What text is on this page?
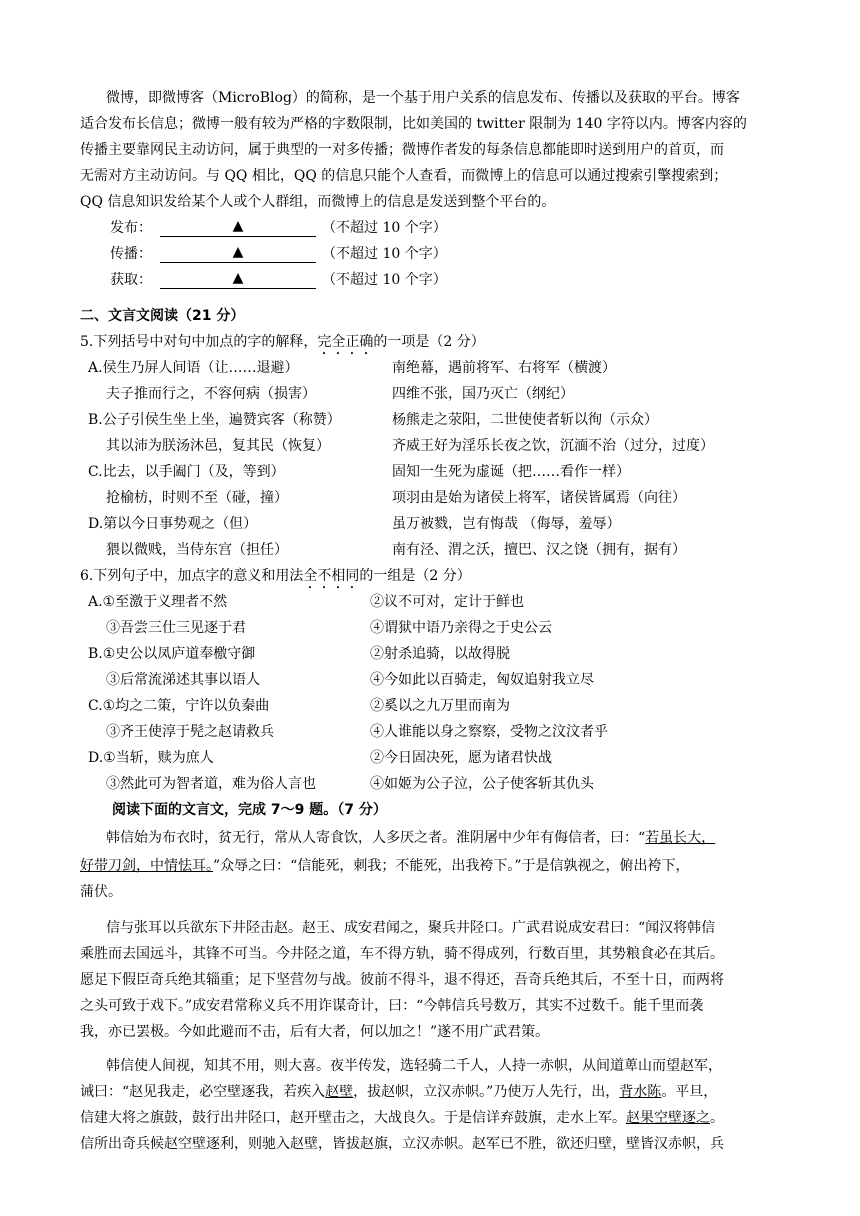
微博，即微博客（MicroBlog）的简称，是一个基于用户关系的信息发布、传播以及获取的平台。博客
适合发布长信息；微博一般有较为严格的字数限制，比如美国的 twitter 限制为 140 字符以内。博客内容的
传播主要靠网民主动访问，属于典型的一对多传播；微博作者发的每条信息都能即时送到用户的首页，而
无需对方主动访问。与 QQ 相比，QQ 的信息只能个人查看，而微博上的信息可以通过搜索引擎搜索到；
QQ 信息知识发给某个人或个人群组，而微博上的信息是发送到整个平台的。
发布：	▲	（不超过 10 个字）
传播：	▲	（不超过 10 个字）
获取：	▲	（不超过 10 个字）
二、文言文阅读（21 分）
5.下列括号中对句中加点的字的解释，完全正确的一项是（2 分）
A.侯生乃屏人间语（让……退避）	南绝幕，遇前将军、右将军（横渡）
夫子推而行之，不容何病（损害）	四维不张，国乃灭亡（纲纪）
B.公子引侯生坐上坐，遍赞宾客（称赞）	杨熊走之荥阳，二世使使者斩以徇（示众）
其以沛为朕汤沐邑，复其民（恢复）	齐威王好为淫乐长夜之饮，沉湎不治（过分，过度）
C.比去，以手阖门（及，等到）	固知一生死为虚诞（把……看作一样）
抢榆枋，时则不至（碰，撞）	项羽由是始为诸侯上将军，诸侯皆属焉（向往）
D.第以今日事势观之（但）	虽万被戮，岂有悔哉 （侮辱，羞辱）
猥以微贱，当侍东宫（担任）	南有泾、渭之沃，擅巴、汉之饶（拥有，据有）
6.下列句子中，加点字的意义和用法全不相同的一组是（2 分）
A.①至激于义理者不然	②议不可对，定计于鲜也
③吾尝三仕三见逐于君	④谓狱中语乃亲得之于史公云
B.①史公以凤庐道奉檄守御	②射杀追骑，以故得脱
③后常流涕述其事以语人	④今如此以百骑走，匈奴追射我立尽
C.①均之二策，宁许以负秦曲	②奚以之九万里而南为
③齐王使淳于髡之赵请救兵	④人谁能以身之察察，受物之汶汶者乎
D.①当斩，赎为庶人	②今日固决死，愿为诸君快战
③然此可为智者道，难为俗人言也	④如姬为公子泣，公子使客斩其仇头
阅读下面的文言文，完成 7～9 题。（7 分）
韩信始为布衣时，贫无行，常从人寄食饮，人多厌之者。淮阴屠中少年有侮信者，曰：“若虽长大，
好带刀剑，中情怯耳。”众辱之曰：“信能死，刺我；不能死，出我袴下。”于是信孰视之，俯出袴下，
蒲伏。
信与张耳以兵欲东下井陉击赵。赵王、成安君闻之，聚兵井陉口。广武君说成安君曰：“闻汉将韩信
乘胜而去国远斗，其锋不可当。今井陉之道，车不得方轨，骑不得成列，行数百里，其势粮食必在其后。
愿足下假臣奇兵绝其辎重；足下坚营勿与战。彼前不得斗，退不得还，吾奇兵绝其后，不至十日，而两将
之头可致于戏下。”成安君常称义兵不用诈谋奇计，曰：“今韩信兵号数万，其实不过数千。能千里而袭
我，亦已罢极。今如此避而不击，后有大者，何以加之！”遂不用广武君策。
韩信使人间视，知其不用，则大喜。夜半传发，选轻骑二千人，人持一赤帜，从间道萆山而望赵军，
诫曰：“赵见我走，必空壁逐我，若疾入赵壁，拔赵帜，立汉赤帜。”乃使万人先行，出，背水陈。平旦，
信建大将之旗鼓，鼓行出井陉口，赵开壁击之，大战良久。于是信详弃鼓旗，走水上军。赵果空壁逐之。
信所出奇兵候赵空壁逐利，则驰入赵壁，皆拔赵旗，立汉赤帜。赵军已不胜，欲还归壁，壁皆汉赤帜，兵
